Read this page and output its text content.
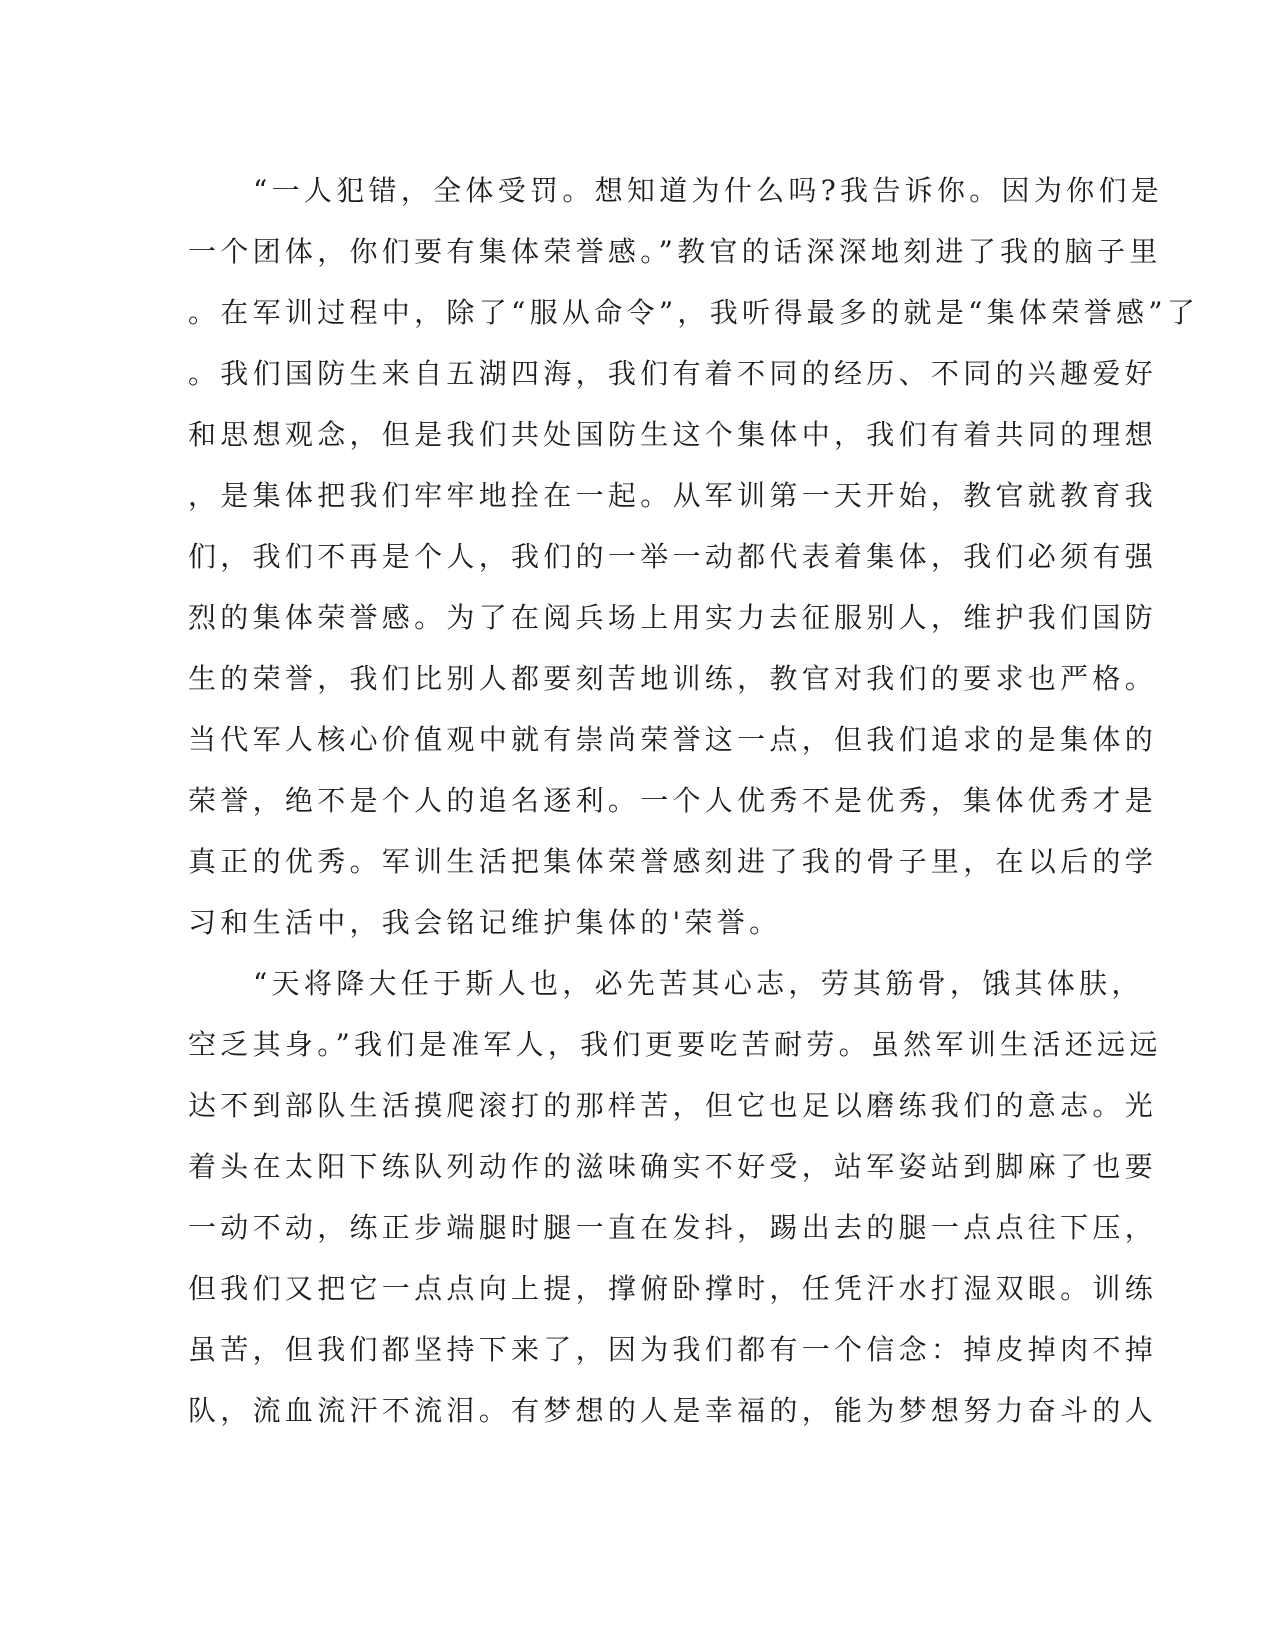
“一人犯错，全体受罚。想知道为什么吗?我告诉你。因为你们是
一个团体，你们要有集体荣誉感。”教官的话深深地刻进了我的脑子里
。在军训过程中，除了“服从命令”，我听得最多的就是“集体荣誉感”了
。我们国防生来自五湖四海，我们有着不同的经历、不同的兴趣爱好
和思想观念，但是我们共处国防生这个集体中，我们有着共同的理想
，是集体把我们牢牢地拴在一起。从军训第一天开始，教官就教育我
们，我们不再是个人，我们的一举一动都代表着集体，我们必须有强
烈的集体荣誉感。为了在阅兵场上用实力去征服别人，维护我们国防
生的荣誉，我们比别人都要刻苦地训练，教官对我们的要求也严格。
当代军人核心价值观中就有崇尚荣誉这一点，但我们追求的是集体的
荣誉，绝不是个人的追名逐利。一个人优秀不是优秀，集体优秀才是
真正的优秀。军训生活把集体荣誉感刻进了我的骨子里，在以后的学
习和生活中，我会铭记维护集体的'荣誉。
“天将降大任于斯人也，必先苦其心志，劳其筋骨，饿其体肤，
空乏其身。”我们是准军人，我们更要吃苦耐劳。虽然军训生活还远远
达不到部队生活摸爬滚打的那样苦，但它也足以磨练我们的意志。光
着头在太阳下练队列动作的滋味确实不好受，站军姿站到脚麻了也要
一动不动，练正步端腿时腿一直在发抖，踢出去的腿一点点往下压，
但我们又把它一点点向上提，撑俯卧撑时，任凭汗水打湿双眼。训练
虽苦，但我们都坚持下来了，因为我们都有一个信念：掉皮掉肉不掉
队，流血流汗不流泪。有梦想的人是幸福的，能为梦想努力奋斗的人
